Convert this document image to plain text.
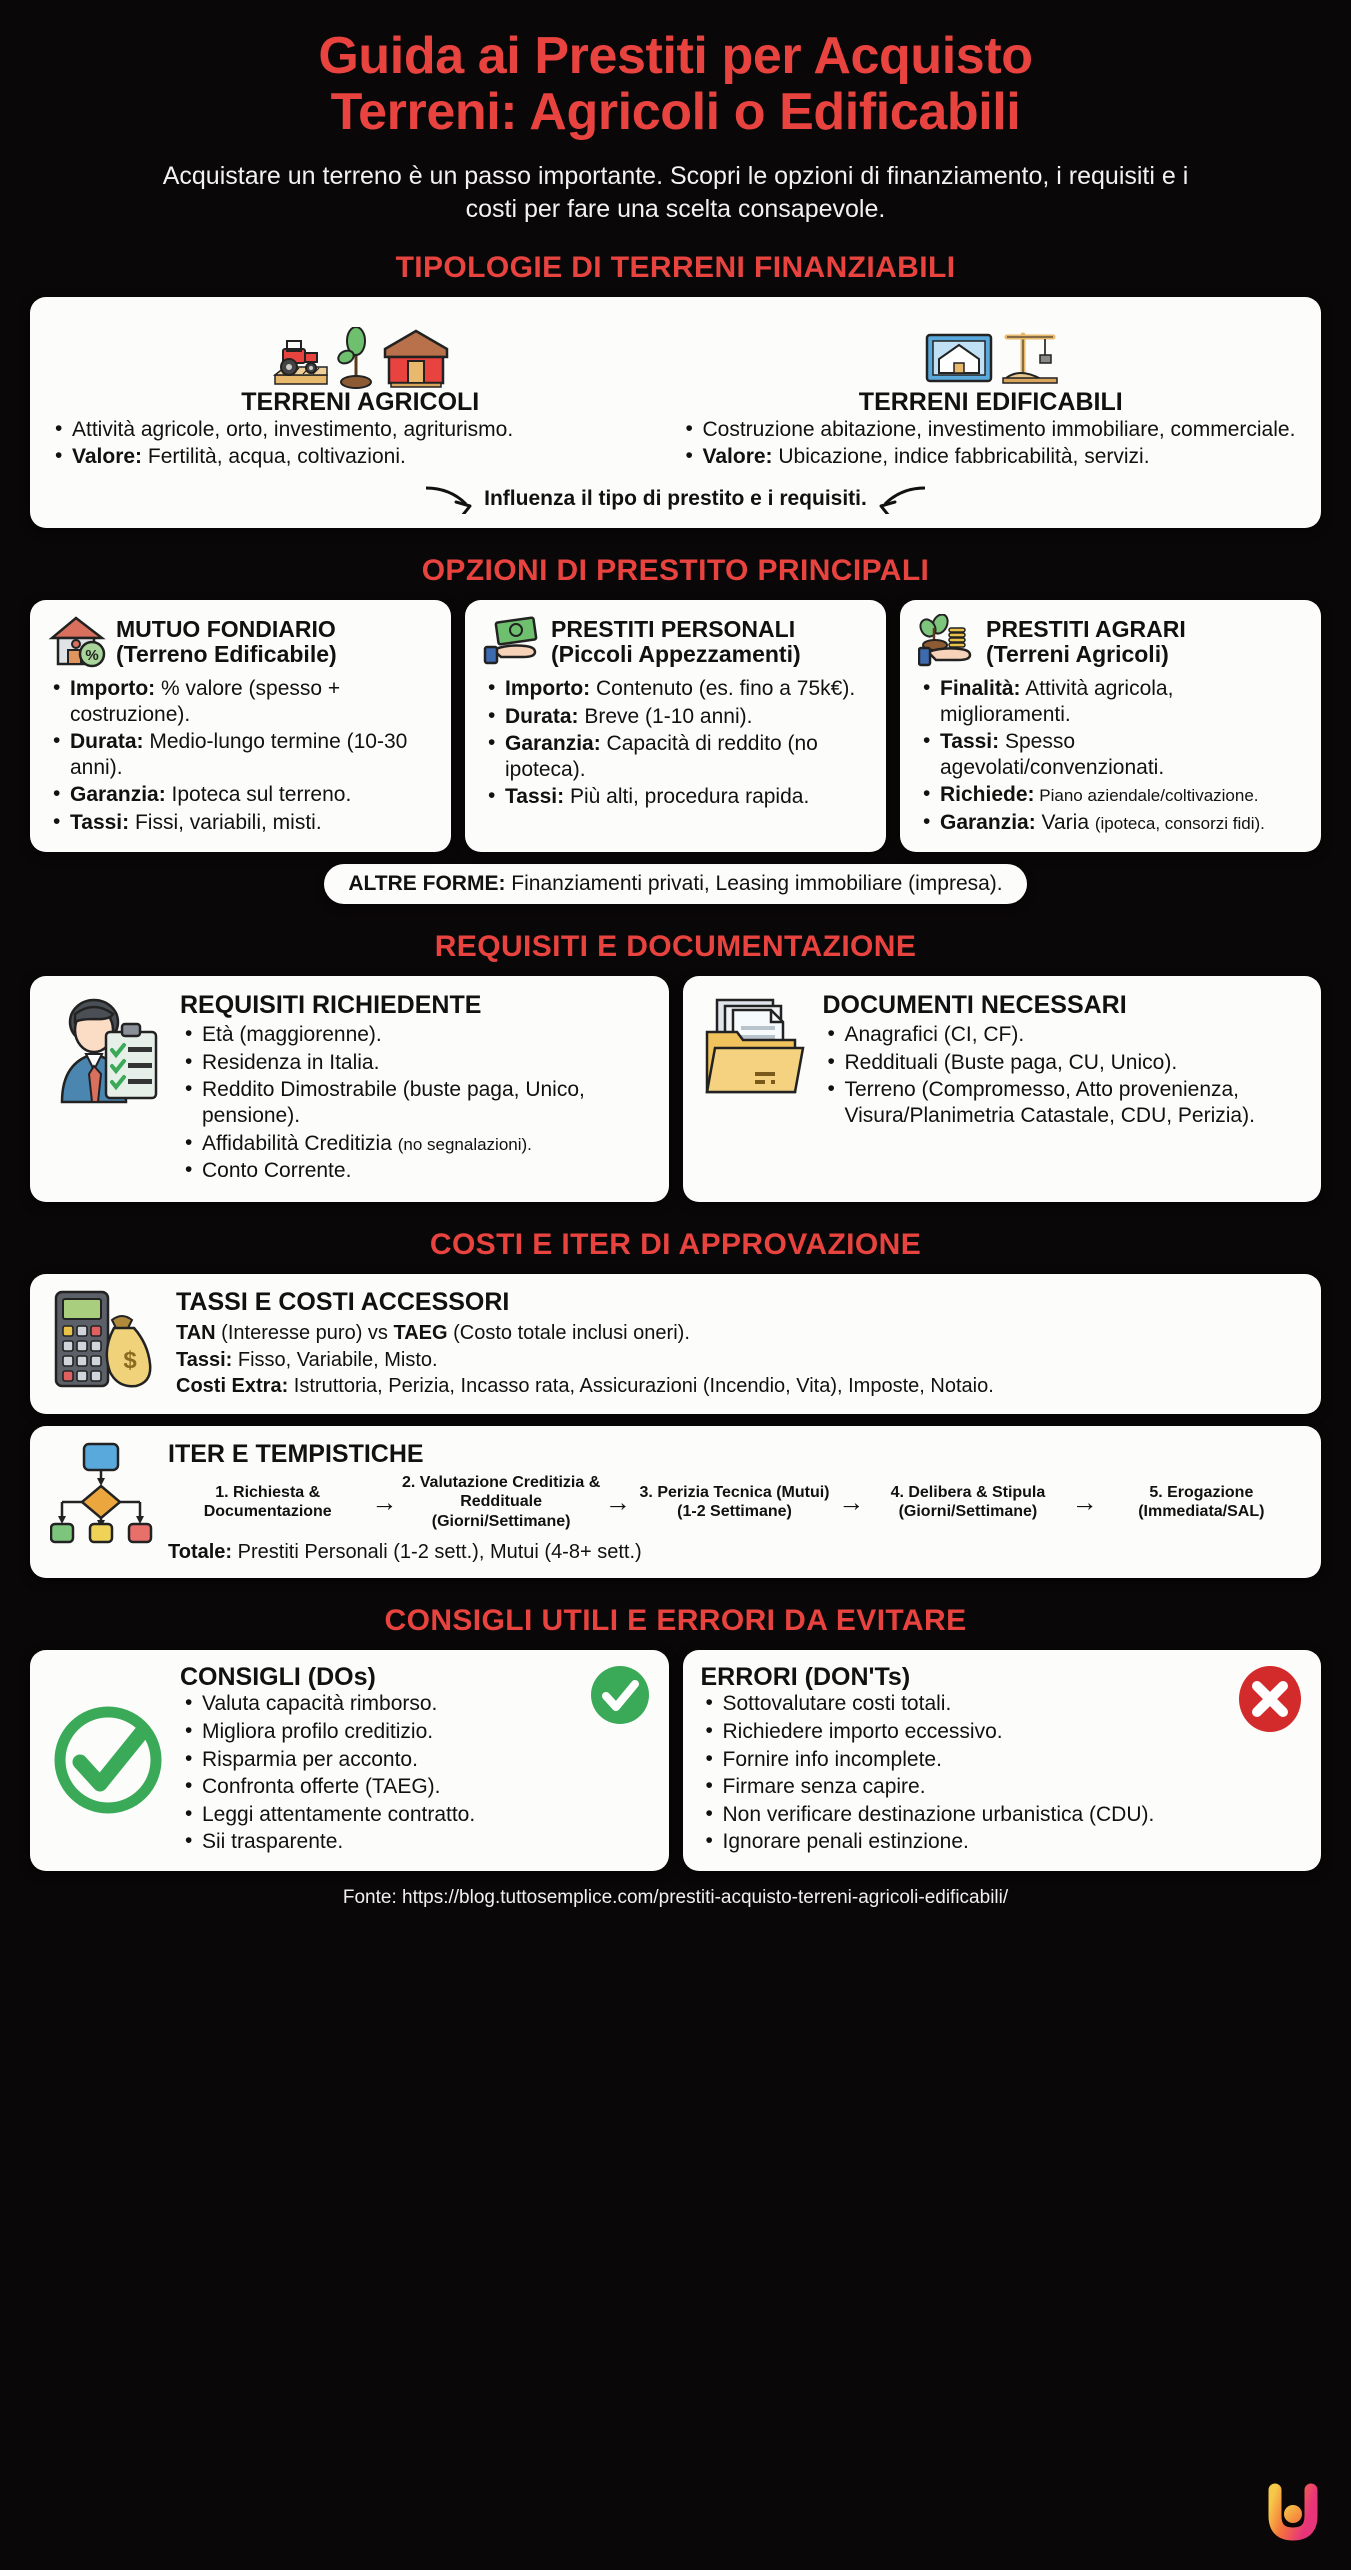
Guida ai Prestiti per Acquisto
Terreni: Agricoli o Edificabili

Acquistare un terreno è un passo importante. Scopri le opzioni di finanziamento, i requisiti e i costi per fare una scelta consapevole.

TIPOLOGIE DI TERRENI FINANZIABILI
TERRENI AGRICOLI
• Attività agricole, orto, investimento, agriturismo.
• Valore: Fertilità, acqua, coltivazioni.
TERRENI EDIFICABILI
• Costruzione abitazione, investimento immobiliare, commerciale.
• Valore: Ubicazione, indice fabbricabilità, servizi.
Influenza il tipo di prestito e i requisiti.
OPZIONI DI PRESTITO PRINCIPALI
%
MUTUO FONDIARIO
(Terreno Edificabile)
• Importo: % valore (spesso + costruzione).
• Durata: Medio-lungo termine (10-30 anni).
• Garanzia: Ipoteca sul terreno.
• Tassi: Fissi, variabili, misti.
PRESTITI PERSONALI
(Piccoli Appezzamenti)
• Importo: Contenuto (es. fino a 75k€).
• Durata: Breve (1-10 anni).
• Garanzia: Capacità di reddito (no ipoteca).
• Tassi: Più alti, procedura rapida.
PRESTITI AGRARI
(Terreni Agricoli)
• Finalità: Attività agricola, miglioramenti.
• Tassi: Spesso agevolati/convenzionati.
• Richiede: Piano aziendale/coltivazione.
• Garanzia: Varia (ipoteca, consorzi fidi).
ALTRE FORME: Finanziamenti privati, Leasing immobiliare (impresa).
REQUISITI E DOCUMENTAZIONE
REQUISITI RICHIEDENTE
• Età (maggiorenne).
• Residenza in Italia.
• Reddito Dimostrabile (buste paga, Unico, pensione).
• Affidabilità Creditizia (no segnalazioni).
• Conto Corrente.
DOCUMENTI NECESSARI
• Anagrafici (CI, CF).
• Reddituali (Buste paga, CU, Unico).
• Terreno (Compromesso, Atto provenienza, Visura/Planimetria Catastale, CDU, Perizia).
COSTI E ITER DI APPROVAZIONE
$
TASSI E COSTI ACCESSORI
TAN (Interesse puro) vs TAEG (Costo totale inclusi oneri).
Tassi: Fisso, Variabile, Misto.
Costi Extra: Istruttoria, Perizia, Incasso rata, Assicurazioni (Incendio, Vita), Imposte, Notaio.
ITER E TEMPISTICHE
1. Richiesta & Documentazione	→
2. Valutazione Creditizia & Reddituale (Giorni/Settimane)
→ 3. Perizia Tecnica (Mutui) (1-2 Settimane)	→	4. Delibera & Stipula (Giorni/Settimane)	→	5. Erogazione (Immediata/SAL)
Totale: Prestiti Personali (1-2 sett.), Mutui (4-8+ sett.)
CONSIGLI UTILI E ERRORI DA EVITARE
CONSIGLI (DOs)
• Valuta capacità rimborso.
• Migliora profilo creditizio.
• Risparmia per acconto.
• Confronta offerte (TAEG).
• Leggi attentamente contratto.
• Sii trasparente.
ERRORI (DON'Ts)
• Sottovalutare costi totali.
• Richiedere importo eccessivo.
• Fornire info incomplete.
• Firmare senza capire.
• Non verificare destinazione urbanistica (CDU).
• Ignorare penali estinzione.
Fonte: https://blog.tuttosemplice.com/prestiti-acquisto-terreni-agricoli-edificabili/
